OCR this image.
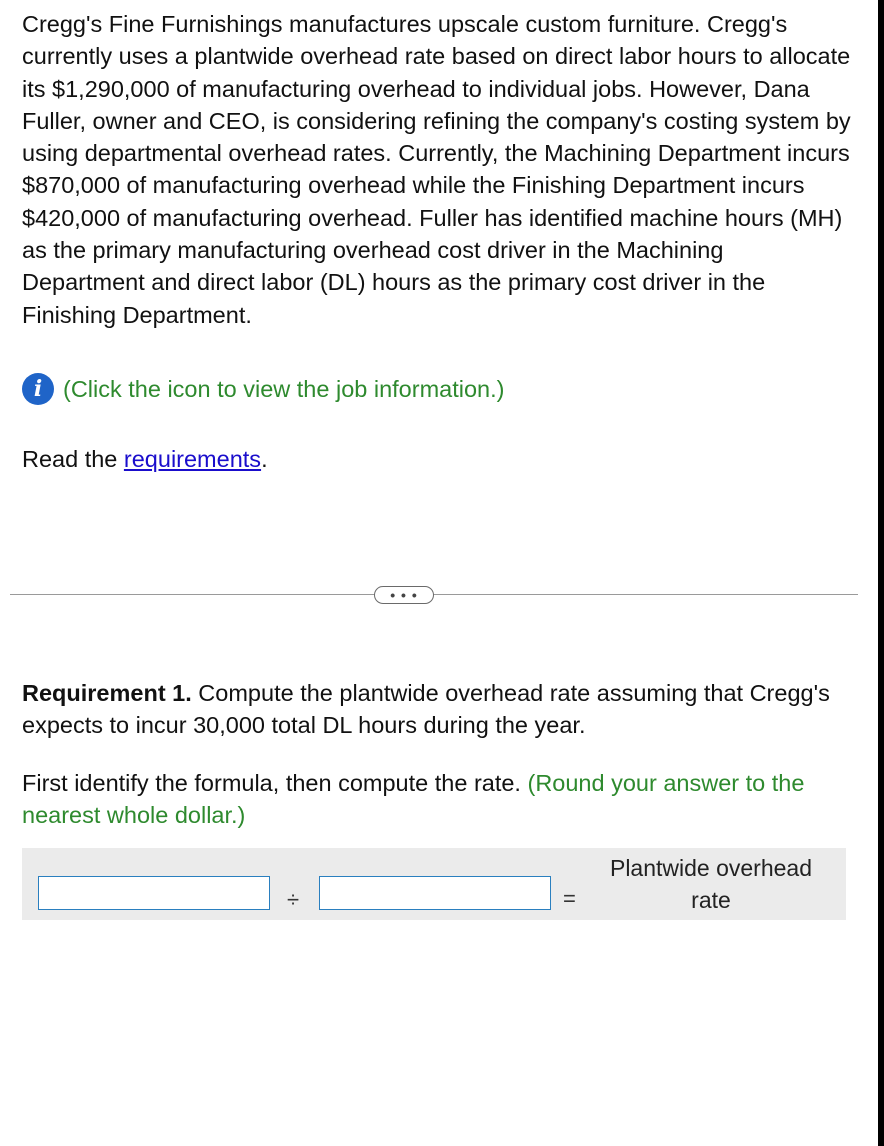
Cregg's Fine Furnishings manufactures upscale custom furniture. Cregg's currently uses a plantwide overhead rate based on direct labor hours to allocate its $1,290,000 of manufacturing overhead to individual jobs. However, Dana Fuller, owner and CEO, is considering refining the company's costing system by using departmental overhead rates. Currently, the Machining Department incurs $870,000 of manufacturing overhead while the Finishing Department incurs $420,000 of manufacturing overhead. Fuller has identified machine hours (MH) as the primary manufacturing overhead cost driver in the Machining Department and direct labor (DL) hours as the primary cost driver in the Finishing Department.
i (Click the icon to view the job information.)
Read the requirements.
• • •
Requirement 1. Compute the plantwide overhead rate assuming that Cregg's expects to incur 30,000 total DL hours during the year.
First identify the formula, then compute the rate. (Round your answer to the nearest whole dollar.)
÷	=
Plantwide overhead rate
